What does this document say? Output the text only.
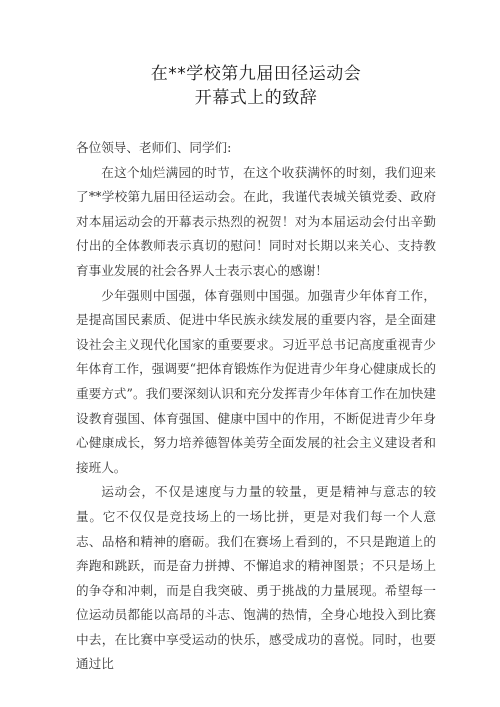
在**学校第九届田径运动会
开幕式上的致辞

各位领导、老师们、同学们:

在这个灿烂满园的时节，在这个收获满怀的时刻，我们迎来了**学校第九届田径运动会。在此，我谨代表城关镇党委、政府对本届运动会的开幕表示热烈的祝贺！对为本届运动会付出辛勤付出的全体教师表示真切的慰问！同时对长期以来关心、支持教育事业发展的社会各界人士表示衷心的感谢！

少年强则中国强，体育强则中国强。加强青少年体育工作，是提高国民素质、促进中华民族永续发展的重要内容，是全面建设社会主义现代化国家的重要要求。习近平总书记高度重视青少年体育工作，强调要“把体育锻炼作为促进青少年身心健康成长的重要方式”。我们要深刻认识和充分发挥青少年体育工作在加快建设教育强国、体育强国、健康中国中的作用，不断促进青少年身心健康成长，努力培养德智体美劳全面发展的社会主义建设者和接班人。

运动会，不仅是速度与力量的较量，更是精神与意志的较量。它不仅仅是竞技场上的一场比拼，更是对我们每一个人意志、品格和精神的磨砺。我们在赛场上看到的，不只是跑道上的奔跑和跳跃，而是奋力拼搏、不懈追求的精神图景；不只是场上的争夺和冲刺，而是自我突破、勇于挑战的力量展现。希望每一位运动员都能以高昂的斗志、饱满的热情，全身心地投入到比赛中去，在比赛中享受运动的快乐，感受成功的喜悦。同时，也要通过比
